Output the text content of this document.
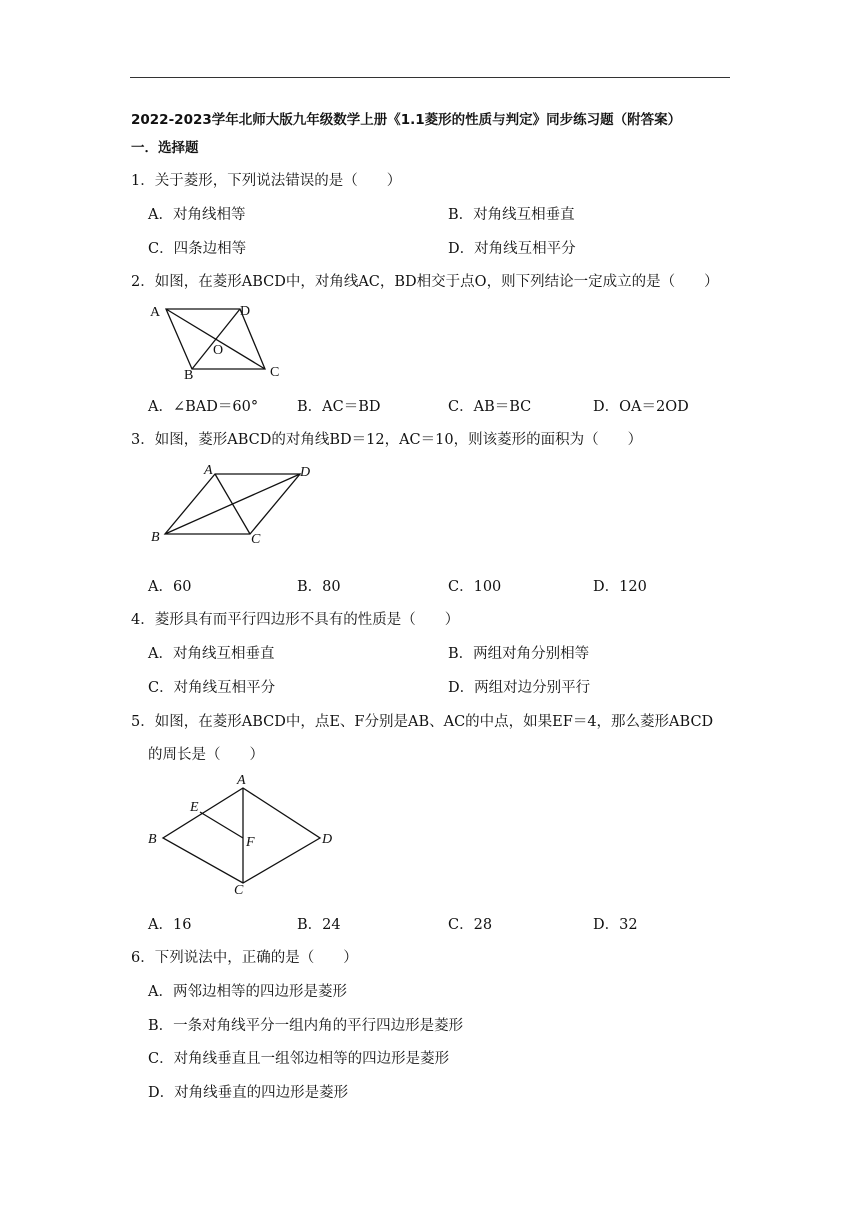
2022-2023学年北师大版九年级数学上册《1.1菱形的性质与判定》同步练习题（附答案）
一．选择题
1．关于菱形，下列说法错误的是（　　）
A．对角线相等	B．对角线互相垂直
C．四条边相等	D．对角线互相平分
2．如图，在菱形ABCD中，对角线AC，BD相交于点O，则下列结论一定成立的是（　　）
A	D
O
B	C
A．∠BAD＝60°	B．AC＝BD	C．AB＝BC	D．OA＝2OD
3．如图，菱形ABCD的对角线BD＝12，AC＝10，则该菱形的面积为（　　）
A	D
B	C
A．60	B．80	C．100	D．120
4．菱形具有而平行四边形不具有的性质是（　　）
A．对角线互相垂直	B．两组对角分别相等
C．对角线互相平分	D．两组对边分别平行
5．如图，在菱形ABCD中，点E、F分别是AB、AC的中点，如果EF＝4，那么菱形ABCD
的周长是（　　）
A
E
B	F	D
C
A．16	B．24	C．28	D．32
6．下列说法中，正确的是（　　）
A．两邻边相等的四边形是菱形
B．一条对角线平分一组内角的平行四边形是菱形
C．对角线垂直且一组邻边相等的四边形是菱形
D．对角线垂直的四边形是菱形
